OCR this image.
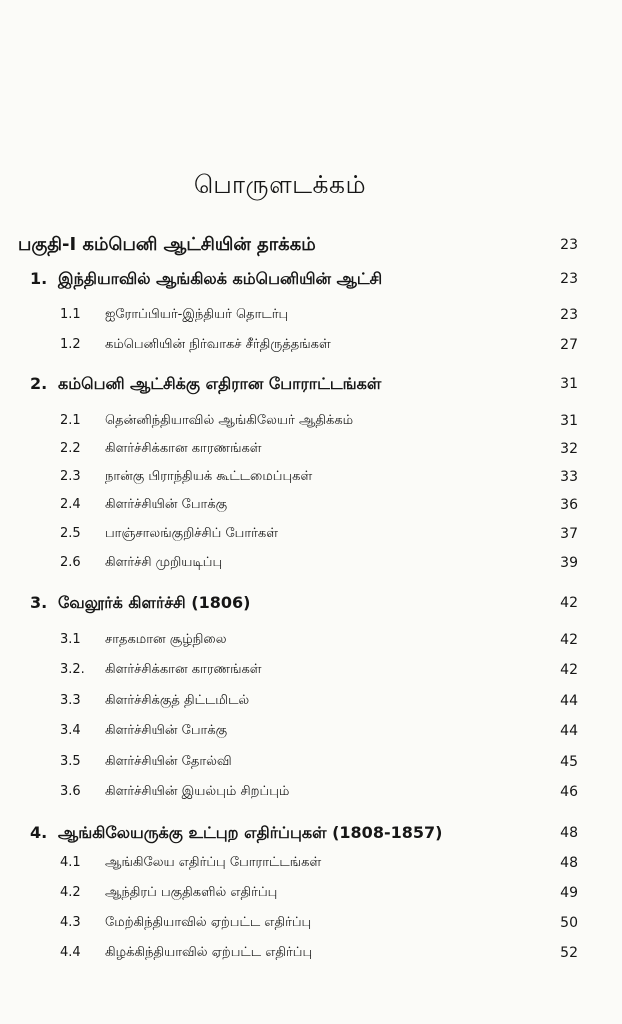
பொருளடக்கம்
பகுதி-I கம்பெனி ஆட்சியின் தாக்கம்	23
1. இந்தியாவில் ஆங்கிலக் கம்பெனியின் ஆட்சி	23
1.1 ஐரோப்பியர்-இந்தியர் தொடர்பு	23
1.2 கம்பெனியின் நிர்வாகச் சீர்திருத்தங்கள்	27
2. கம்பெனி ஆட்சிக்கு எதிரான போராட்டங்கள்	31
2.1 தென்னிந்தியாவில் ஆங்கிலேயர் ஆதிக்கம்	31
2.2 கிளர்ச்சிக்கான காரணங்கள்	32
2.3 நான்கு பிராந்தியக் கூட்டமைப்புகள்	33
2.4 கிளர்ச்சியின் போக்கு	36
2.5 பாஞ்சாலங்குறிச்சிப் போர்கள்	37
2.6 கிளர்ச்சி முறியடிப்பு	39
3. வேலூர்க் கிளர்ச்சி (1806)	42
3.1 சாதகமான சூழ்நிலை	42
3.2. கிளர்ச்சிக்கான காரணங்கள்	42
3.3 கிளர்ச்சிக்குத் திட்டமிடல்	44
3.4 கிளர்ச்சியின் போக்கு	44
3.5 கிளர்ச்சியின் தோல்வி	45
3.6 கிளர்ச்சியின் இயல்பும் சிறப்பும்	46
4. ஆங்கிலேயருக்கு உட்புற எதிர்ப்புகள் (1808-1857)	48
4.1 ஆங்கிலேய எதிர்ப்பு போராட்டங்கள்	48
4.2 ஆந்திரப் பகுதிகளில் எதிர்ப்பு	49
4.3 மேற்கிந்தியாவில் ஏற்பட்ட எதிர்ப்பு	50
4.4 கிழக்கிந்தியாவில் ஏற்பட்ட எதிர்ப்பு	52
